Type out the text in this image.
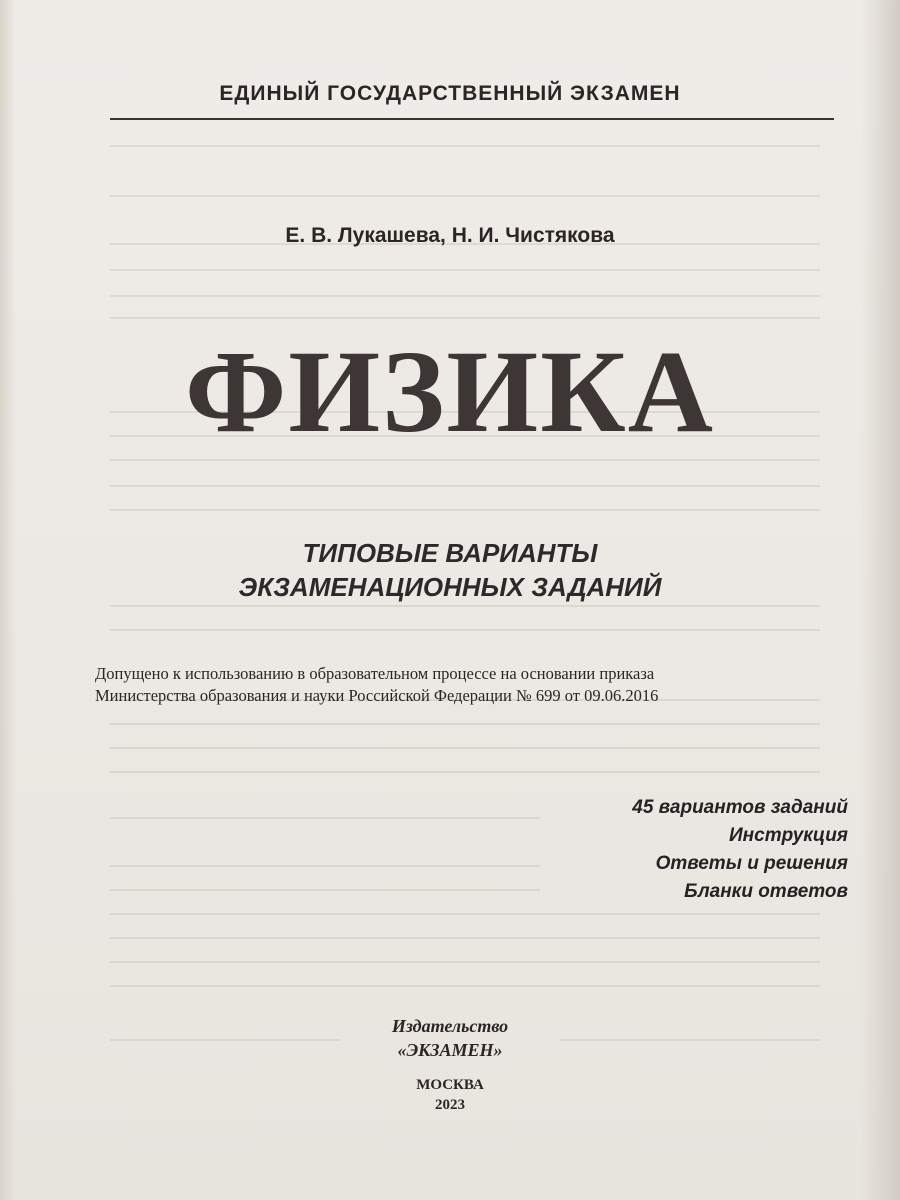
ЕДИНЫЙ ГОСУДАРСТВЕННЫЙ ЭКЗАМЕН
Е. В. Лукашева, Н. И. Чистякова
ФИЗИКА
ТИПОВЫЕ ВАРИАНТЫ
ЭКЗАМЕНАЦИОННЫХ ЗАДАНИЙ
Допущено к использованию в образовательном процессе на основании приказа
Министерства образования и науки Российской Федерации № 699 от 09.06.2016
45 вариантов заданий
Инструкция
Ответы и решения
Бланки ответов
Издательство
«ЭКЗАМЕН»
МОСКВА
2023
